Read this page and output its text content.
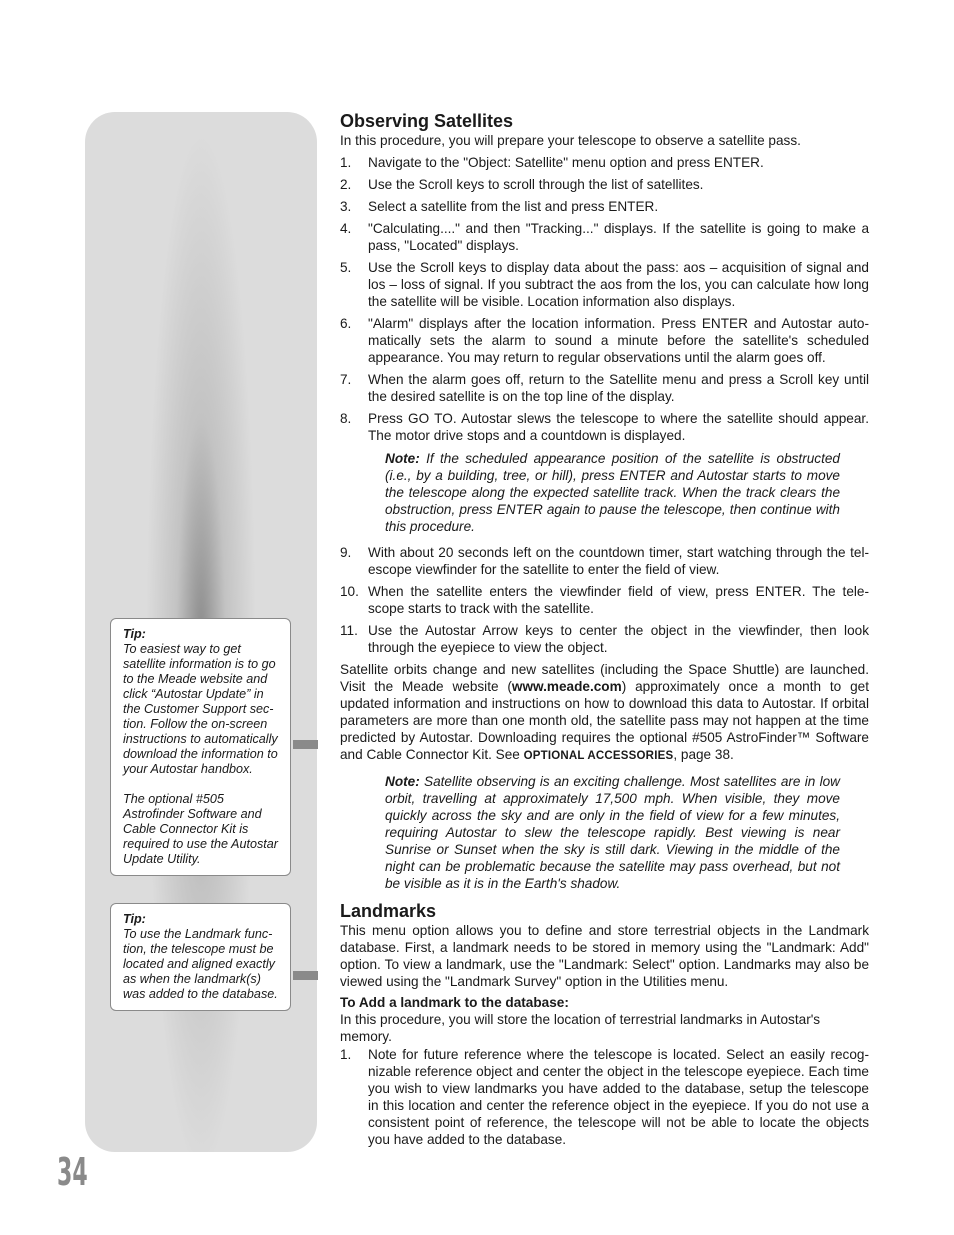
Tip:

To easiest way to get satellite information is to go to the Meade website and click “Autostar Update” in the Customer Support sec- tion. Follow the on-screen instructions to automatically download the information to your Autostar handbox.

The optional #505 Astrofinder Software and Cable Connector Kit is required to use the Autostar Update Utility.

Tip:

To use the Landmark func- tion, the telescope must be located and aligned exactly as when the landmark(s) was added to the database.

Observing Satellites

In this procedure, you will prepare your telescope to observe a satellite pass.

1. Navigate to the "Object: Satellite" menu option and press ENTER.
2. Use the Scroll keys to scroll through the list of satellites.
3. Select a satellite from the list and press ENTER.
4. "Calculating...." and then "Tracking..." displays. If the satellite is going to make a pass, "Located" displays.
5. Use the Scroll keys to display data about the pass: aos – acquisition of signal and los – loss of signal. If you subtract the aos from the los, you can calculate how long the satellite will be visible. Location information also displays.
6. "Alarm" displays after the location information. Press ENTER and Autostar auto- matically sets the alarm to sound a minute before the satellite's scheduled appearance. You may return to regular observations until the alarm goes off.
7. When the alarm goes off, return to the Satellite menu and press a Scroll key until the desired satellite is on the top line of the display.
8. Press GO TO. Autostar slews the telescope to where the satellite should appear. The motor drive stops and a countdown is displayed.

Note: If the scheduled appearance position of the satellite is obstructed (i.e., by a building, tree, or hill), press ENTER and Autostar starts to move the telescope along the expected satellite track. When the track clears the obstruction, press ENTER again to pause the telescope, then continue with this procedure.

9. With about 20 seconds left on the countdown timer, start watching through the tel- escope viewfinder for the satellite to enter the field of view.
10. When the satellite enters the viewfinder field of view, press ENTER. The tele- scope starts to track with the satellite.
11. Use the Autostar Arrow keys to center the object in the viewfinder, then look through the eyepiece to view the object.

Satellite orbits change and new satellites (including the Space Shuttle) are launched. Visit the Meade website (www.meade.com) approximately once a month to get updated information and instructions on how to download this data to Autostar. If orbital parameters are more than one month old, the satellite pass may not happen at the time predicted by Autostar. Downloading requires the optional #505 AstroFinder™ Software and Cable Connector Kit. See OPTIONAL ACCESSORIES, page 38.

Note: Satellite observing is an exciting challenge. Most satellites are in low orbit, travelling at approximately 17,500 mph. When visible, they move quickly across the sky and are only in the field of view for a few minutes, requiring Autostar to slew the telescope rapidly. Best viewing is near Sunrise or Sunset when the sky is still dark. Viewing in the middle of the night can be problematic because the satellite may pass overhead, but not be visible as it is in the Earth's shadow.

Landmarks

This menu option allows you to define and store terrestrial objects in the Landmark database. First, a landmark needs to be stored in memory using the "Landmark: Add" option. To view a landmark, use the "Landmark: Select" option. Landmarks may also be viewed using the "Landmark Survey" option in the Utilities menu.

To Add a landmark to the database:

In this procedure, you will store the location of terrestrial landmarks in Autostar's memory.

1. Note for future reference where the telescope is located. Select an easily recog- nizable reference object and center the object in the telescope eyepiece. Each time you wish to view landmarks you have added to the database, setup the telescope in this location and center the reference object in the eyepiece. If you do not use a consistent point of reference, the telescope will not be able to locate the objects you have added to the database.
34
